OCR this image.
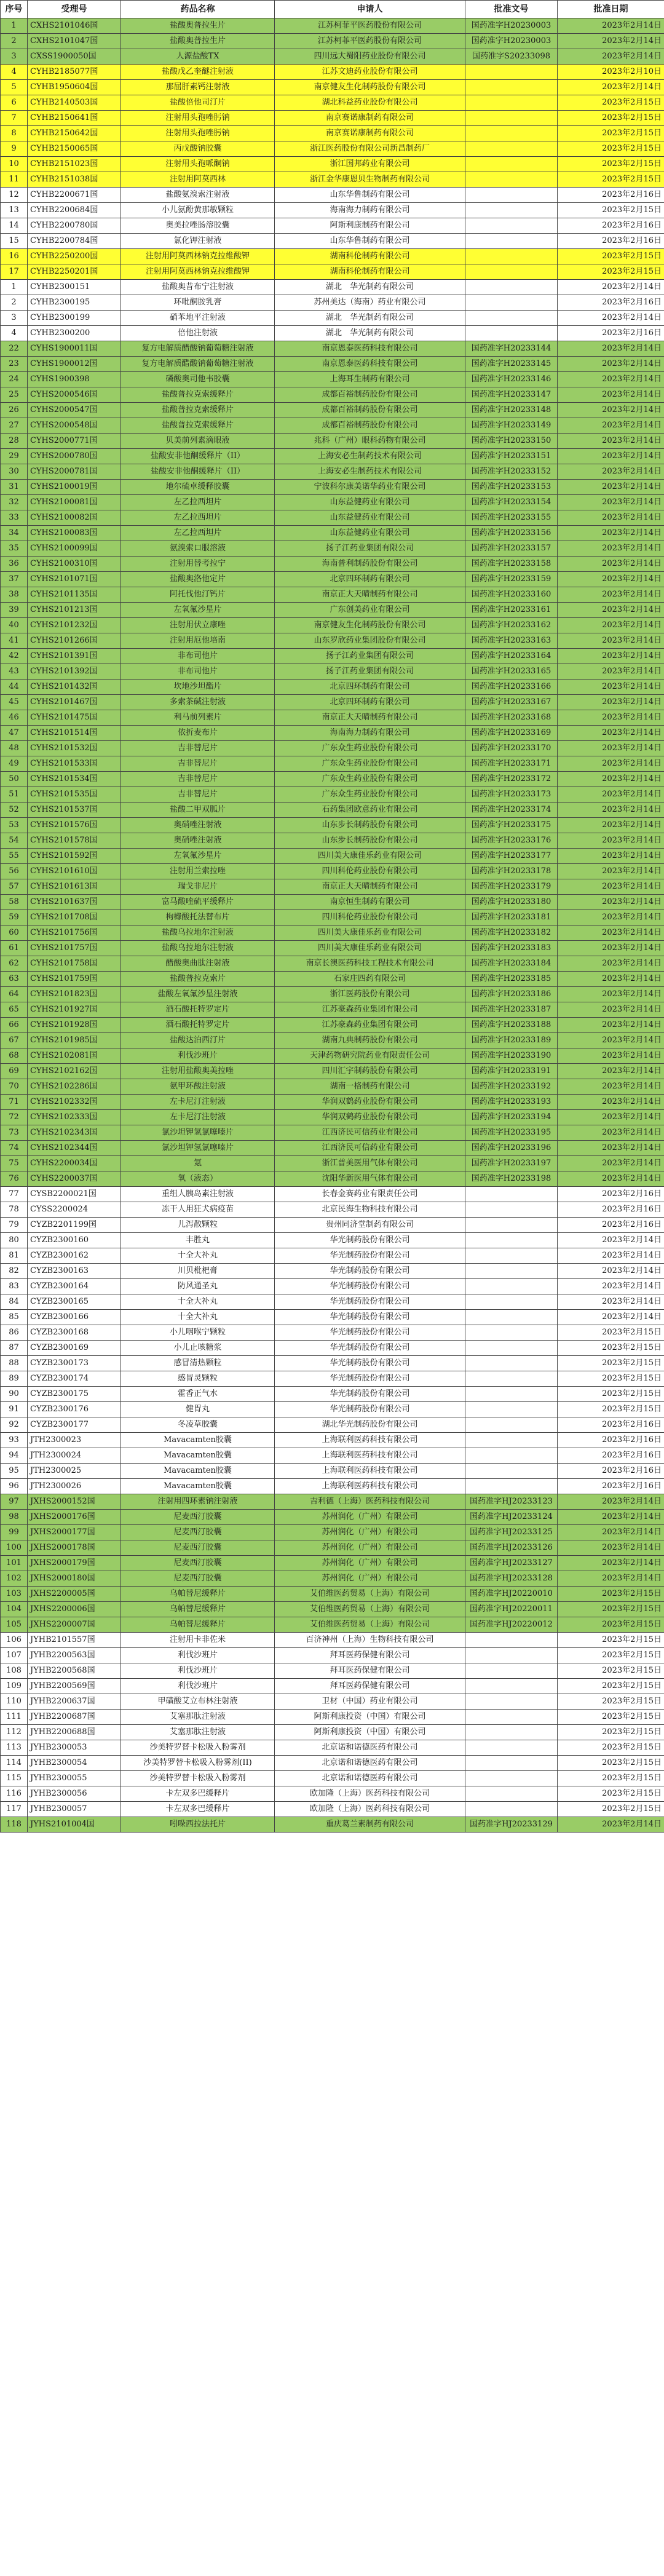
序号	受理号	药品名称	申请人	批准文号	批准日期
1	CXHS2101046国	盐酸奥普拉生片	江苏柯菲平医药股份有限公司	国药准字H20230003	2023年2月14日
2	CXHS2101047国	盐酸奥普拉生片	江苏柯菲平医药股份有限公司	国药准字H20230003	2023年2月14日
3	CXSS1900050国	人源盐酸TX	四川远大蜀阳药业股份有限公司	国药准字S20233098	2023年2月14日
4	CYHB2185077国	盐酸戊乙奎醚注射液	江苏文迪药业股份有限公司		2023年2月10日
5	CYHB1950604国	那屈肝素钙注射液	南京健友生化制药股份有限公司		2023年2月14日
6	CYHB2140503国	盐酸倍他司汀片	湖北科益药业股份有限公司		2023年2月15日
7	CYHB2150641国	注射用头孢唑肟钠	南京赛诺康制药有限公司		2023年2月15日
8	CYHB2150642国	注射用头孢唑肟钠	南京赛诺康制药有限公司		2023年2月15日
9	CYHB2150065国	丙戊酸钠胶囊	浙江医药股份有限公司新昌制药厂		2023年2月15日
10	CYHB2151023国	注射用头孢哌酮钠	浙江国邦药业有限公司		2023年2月15日
11	CYHB2151038国	注射用阿莫西林	浙江金华康恩贝生物制药有限公司		2023年2月15日
12	CYHB2200671国	盐酸氨溴索注射液	山东华鲁制药有限公司		2023年2月16日
13	CYHB2200684国	小儿氨酚黄那敏颗粒	海南海力制药有限公司		2023年2月15日
14	CYHB2200780国	奥美拉唑肠溶胶囊	阿斯利康制药有限公司		2023年2月16日
15	CYHB2200784国	氯化钾注射液	山东华鲁制药有限公司		2023年2月16日
16	CYHB2250200国	注射用阿莫西林钠克拉维酸钾	湖南科伦制药有限公司		2023年2月15日
17	CYHB2250201国	注射用阿莫西林钠克拉维酸钾	湖南科伦制药有限公司		2023年2月15日
1	CYHB2300151	盐酸奥昔布宁注射液	湖北　华光制药有限公司		2023年2月14日
2	CYHB2300195	环吡酮胺乳膏	苏州美达（海南）药业有限公司		2023年2月16日
3	CYHB2300199	硝苯地平注射液	湖北　华光制药有限公司		2023年2月14日
4	CYHB2300200	倍他注射液	湖北　华光制药有限公司		2023年2月16日
22	CYHS1900011国	复方电解质醋酸钠葡萄糖注射液	南京恩泰医药科技有限公司	国药准字H20233144	2023年2月14日
23	CYHS1900012国	复方电解质醋酸钠葡萄糖注射液	南京恩泰医药科技有限公司	国药准字H20233145	2023年2月14日
24	CYHS1900398	磷酸奥司他韦胶囊	上海耳生制药有限公司	国药准字H20233146	2023年2月14日
25	CYHS2000546国	盐酸普拉克索缓释片	成都百裕制药股份有限公司	国药准字H20233147	2023年2月14日
26	CYHS2000547国	盐酸普拉克索缓释片	成都百裕制药股份有限公司	国药准字H20233148	2023年2月14日
27	CYHS2000548国	盐酸普拉克索缓释片	成都百裕制药股份有限公司	国药准字H20233149	2023年2月14日
28	CYHS2000771国	贝美前列素滴眼液	兆科（广州）眼科药物有限公司	国药准字H20233150	2023年2月14日
29	CYHS2000780国	盐酸安非他酮缓释片（II）	上海安必生制药技术有限公司	国药准字H20233151	2023年2月14日
30	CYHS2000781国	盐酸安非他酮缓释片（II）	上海安必生制药技术有限公司	国药准字H20233152	2023年2月14日
31	CYHS2100019国	地尔硫卓缓释胶囊	宁波科尔康美诺华药业有限公司	国药准字H20233153	2023年2月14日
32	CYHS2100081国	左乙拉西坦片	山东益健药业有限公司	国药准字H20233154	2023年2月14日
33	CYHS2100082国	左乙拉西坦片	山东益健药业有限公司	国药准字H20233155	2023年2月14日
34	CYHS2100083国	左乙拉西坦片	山东益健药业有限公司	国药准字H20233156	2023年2月14日
35	CYHS2100099国	氨溴索口服溶液	扬子江药业集团有限公司	国药准字H20233157	2023年2月14日
36	CYHS2100310国	注射用替考拉宁	海南普利制药股份有限公司	国药准字H20233158	2023年2月14日
37	CYHS2101071国	盐酸奥洛他定片	北京四环制药有限公司	国药准字H20233159	2023年2月14日
38	CYHS2101135国	阿托伐他汀钙片	南京正大天晴制药有限公司	国药准字H20233160	2023年2月14日
39	CYHS2101213国	左氧氟沙星片	广东创美药业有限公司	国药准字H20233161	2023年2月14日
40	CYHS2101232国	注射用伏立康唑	南京健友生化制药股份有限公司	国药准字H20233162	2023年2月14日
41	CYHS2101266国	注射用厄他培南	山东罗欣药业集团股份有限公司	国药准字H20233163	2023年2月14日
42	CYHS2101391国	非布司他片	扬子江药业集团有限公司	国药准字H20233164	2023年2月14日
43	CYHS2101392国	非布司他片	扬子江药业集团有限公司	国药准字H20233165	2023年2月14日
44	CYHS2101432国	坎地沙坦酯片	北京四环制药有限公司	国药准字H20233166	2023年2月14日
45	CYHS2101467国	多索茶碱注射液	北京四环制药有限公司	国药准字H20233167	2023年2月14日
46	CYHS2101475国	利马前列素片	南京正大天晴制药有限公司	国药准字H20233168	2023年2月14日
47	CYHS2101514国	依折麦布片	海南海力制药有限公司	国药准字H20233169	2023年2月14日
48	CYHS2101532国	吉非替尼片	广东众生药业股份有限公司	国药准字H20233170	2023年2月14日
49	CYHS2101533国	吉非替尼片	广东众生药业股份有限公司	国药准字H20233171	2023年2月14日
50	CYHS2101534国	吉非替尼片	广东众生药业股份有限公司	国药准字H20233172	2023年2月14日
51	CYHS2101535国	吉非替尼片	广东众生药业股份有限公司	国药准字H20233173	2023年2月14日
52	CYHS2101537国	盐酸二甲双胍片	石药集团欧意药业有限公司	国药准字H20233174	2023年2月14日
53	CYHS2101576国	奥硝唑注射液	山东步长制药股份有限公司	国药准字H20233175	2023年2月14日
54	CYHS2101578国	奥硝唑注射液	山东步长制药股份有限公司	国药准字H20233176	2023年2月14日
55	CYHS2101592国	左氧氟沙星片	四川美大康佳乐药业有限公司	国药准字H20233177	2023年2月14日
56	CYHS2101610国	注射用兰索拉唑	四川科伦药业股份有限公司	国药准字H20233178	2023年2月14日
57	CYHS2101613国	瑞戈非尼片	南京正大天晴制药有限公司	国药准字H20233179	2023年2月14日
58	CYHS2101637国	富马酸喹硫平缓释片	南京恒生制药有限公司	国药准字H20233180	2023年2月14日
59	CYHS2101708国	枸橼酸托法替布片	四川科伦药业股份有限公司	国药准字H20233181	2023年2月14日
60	CYHS2101756国	盐酸乌拉地尔注射液	四川美大康佳乐药业有限公司	国药准字H20233182	2023年2月14日
61	CYHS2101757国	盐酸乌拉地尔注射液	四川美大康佳乐药业有限公司	国药准字H20233183	2023年2月14日
62	CYHS2101758国	醋酸奥曲肽注射液	南京长澳医药科技工程技术有限公司	国药准字H20233184	2023年2月14日
63	CYHS2101759国	盐酸普拉克索片	石家庄四药有限公司	国药准字H20233185	2023年2月14日
64	CYHS2101823国	盐酸左氧氟沙星注射液	浙江医药股份有限公司	国药准字H20233186	2023年2月14日
65	CYHS2101927国	酒石酸托特罗定片	江苏豪森药业集团有限公司	国药准字H20233187	2023年2月14日
66	CYHS2101928国	酒石酸托特罗定片	江苏豪森药业集团有限公司	国药准字H20233188	2023年2月14日
67	CYHS2101985国	盐酸达泊西汀片	湖南九典制药股份有限公司	国药准字H20233189	2023年2月14日
68	CYHS2102081国	利伐沙班片	天津药物研究院药业有限责任公司	国药准字H20233190	2023年2月14日
69	CYHS2102162国	注射用盐酸奥美拉唑	四川汇宇制药股份有限公司	国药准字H20233191	2023年2月14日
70	CYHS2102286国	氨甲环酸注射液	湖南一格制药有限公司	国药准字H20233192	2023年2月14日
71	CYHS2102332国	左卡尼汀注射液	华润双鹤药业股份有限公司	国药准字H20233193	2023年2月14日
72	CYHS2102333国	左卡尼汀注射液	华润双鹤药业股份有限公司	国药准字H20233194	2023年2月14日
73	CYHS2102343国	氯沙坦钾氢氯噻嗪片	江西济民可信药业有限公司	国药准字H20233195	2023年2月14日
74	CYHS2102344国	氯沙坦钾氢氯噻嗪片	江西济民可信药业有限公司	国药准字H20233196	2023年2月14日
75	CYHS2200034国	氪	浙江普美医用气体有限公司	国药准字H20233197	2023年2月14日
76	CYHS2200037国	氧（液态）	沈阳华新医用气体有限公司	国药准字H20233198	2023年2月14日
77	CYSB2200021国	重组人胰岛素注射液	长春金赛药业有限责任公司		2023年2月16日
78	CYSS2200024	冻干人用狂犬病疫苗	北京民海生物科技有限公司		2023年2月16日
79	CYZB2201199国	儿泻散颗粒	贵州同济堂制药有限公司		2023年2月16日
80	CYZB2300160	丰胜丸	华光制药股份有限公司		2023年2月14日
81	CYZB2300162	十全大补丸	华光制药股份有限公司		2023年2月14日
82	CYZB2300163	川贝枇杷膏	华光制药股份有限公司		2023年2月14日
83	CYZB2300164	防风通圣丸	华光制药股份有限公司		2023年2月14日
84	CYZB2300165	十全大补丸	华光制药股份有限公司		2023年2月14日
85	CYZB2300166	十全大补丸	华光制药股份有限公司		2023年2月14日
86	CYZB2300168	小儿咽喉宁颗粒	华光制药股份有限公司		2023年2月15日
87	CYZB2300169	小儿止咳糖浆	华光制药股份有限公司		2023年2月15日
88	CYZB2300173	感冒清热颗粒	华光制药股份有限公司		2023年2月15日
89	CYZB2300174	感冒灵颗粒	华光制药股份有限公司		2023年2月15日
90	CYZB2300175	霍香正气水	华光制药股份有限公司		2023年2月15日
91	CYZB2300176	健胃丸	华光制药股份有限公司		2023年2月15日
92	CYZB2300177	冬凌草胶囊	湖北华光制药股份有限公司		2023年2月16日
93	JTH2300023	Mavacamten胶囊	上海联利医药科技有限公司		2023年2月16日
94	JTH2300024	Mavacamten胶囊	上海联利医药科技有限公司		2023年2月16日
95	JTH2300025	Mavacamten胶囊	上海联利医药科技有限公司		2023年2月16日
96	JTH2300026	Mavacamten胶囊	上海联利医药科技有限公司		2023年2月16日
97	JXHS2000152国	注射用四环素钠注射液	吉利德（上海）医药科技有限公司	国药准字HJ20233123	2023年2月14日
98	JXHS2000176国	尼麦西汀胶囊	苏州润化（广州）有限公司	国药准字HJ20233124	2023年2月14日
99	JXHS2000177国	尼麦西汀胶囊	苏州润化（广州）有限公司	国药准字HJ20233125	2023年2月14日
100	JXHS2000178国	尼麦西汀胶囊	苏州润化（广州）有限公司	国药准字HJ20233126	2023年2月14日
101	JXHS2000179国	尼麦西汀胶囊	苏州润化（广州）有限公司	国药准字HJ20233127	2023年2月14日
102	JXHS2000180国	尼麦西汀胶囊	苏州润化（广州）有限公司	国药准字HJ20233128	2023年2月14日
103	JXHS2200005国	乌帕替尼缓释片	艾伯维医药贸易（上海）有限公司	国药准字HJ20220010	2023年2月15日
104	JXHS2200006国	乌帕替尼缓释片	艾伯维医药贸易（上海）有限公司	国药准字HJ20220011	2023年2月15日
105	JXHS2200007国	乌帕替尼缓释片	艾伯维医药贸易（上海）有限公司	国药准字HJ20220012	2023年2月15日
106	JYHB2101557国	注射用卡非佐米	百济神州（上海）生物科技有限公司		2023年2月15日
107	JYHB2200563国	利伐沙班片	拜耳医药保健有限公司		2023年2月15日
108	JYHB2200568国	利伐沙班片	拜耳医药保健有限公司		2023年2月15日
109	JYHB2200569国	利伐沙班片	拜耳医药保健有限公司		2023年2月15日
110	JYHB2200637国	甲磺酸艾立布林注射液	卫材（中国）药业有限公司		2023年2月15日
111	JYHB2200687国	艾塞那肽注射液	阿斯利康投资（中国）有限公司		2023年2月15日
112	JYHB2200688国	艾塞那肽注射液	阿斯利康投资（中国）有限公司		2023年2月15日
113	JYHB2300053	沙美特罗替卡松吸入粉雾剂	北京诺和诺德医药有限公司		2023年2月15日
114	JYHB2300054	沙美特罗替卡松吸入粉雾剂(II)	北京诺和诺德医药有限公司		2023年2月15日
115	JYHB2300055	沙美特罗替卡松吸入粉雾剂	北京诺和诺德医药有限公司		2023年2月15日
116	JYHB2300056	卡左双多巴缓释片	欧加隆（上海）医药科技有限公司		2023年2月15日
117	JYHB2300057	卡左双多巴缓释片	欧加隆（上海）医药科技有限公司		2023年2月15日
118	JYHS2101004国	吲哚西拉法托片	重庆葛兰素制药有限公司	国药准字HJ20233129	2023年2月14日
